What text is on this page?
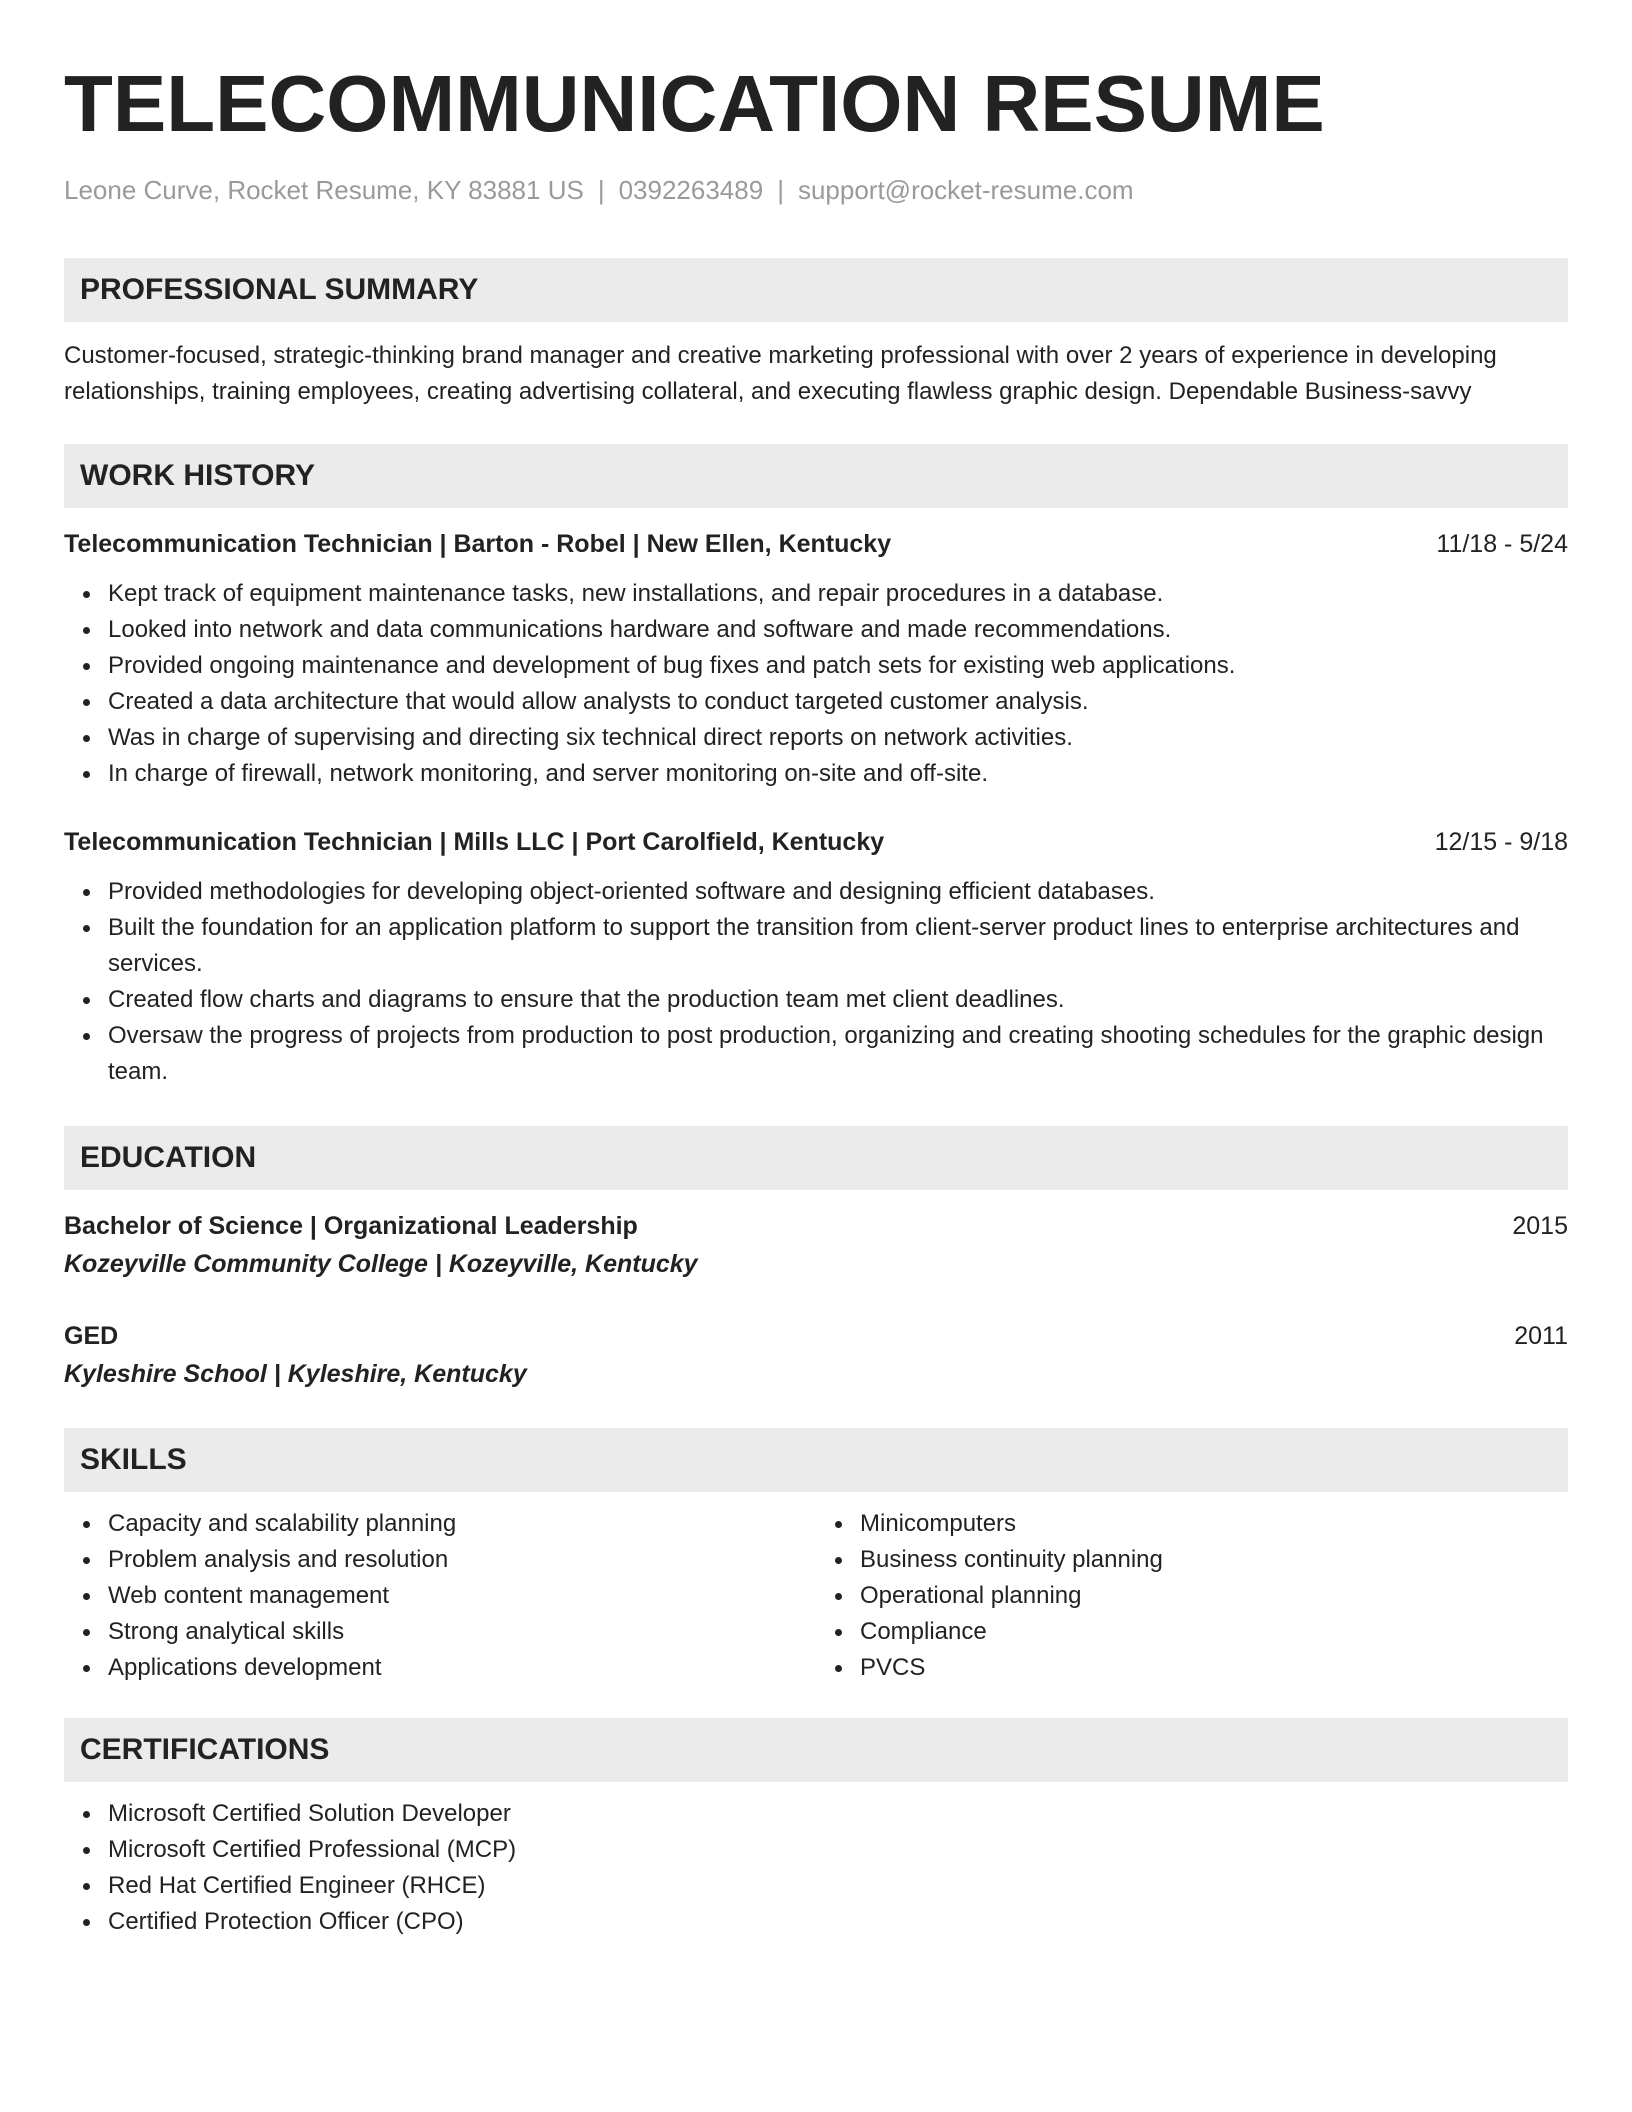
TELECOMMUNICATION RESUME
Leone Curve, Rocket Resume, KY 83881 US | 0392263489 | support@rocket-resume.com
PROFESSIONAL SUMMARY
Customer-focused, strategic-thinking brand manager and creative marketing professional with over 2 years of experience in developing relationships, training employees, creating advertising collateral, and executing flawless graphic design. Dependable Business-savvy
WORK HISTORY
Telecommunication Technician | Barton - Robel | New Ellen, Kentucky	11/18 - 5/24
Kept track of equipment maintenance tasks, new installations, and repair procedures in a database.
Looked into network and data communications hardware and software and made recommendations.
Provided ongoing maintenance and development of bug fixes and patch sets for existing web applications.
Created a data architecture that would allow analysts to conduct targeted customer analysis.
Was in charge of supervising and directing six technical direct reports on network activities.
In charge of firewall, network monitoring, and server monitoring on-site and off-site.
Telecommunication Technician | Mills LLC | Port Carolfield, Kentucky	12/15 - 9/18
Provided methodologies for developing object-oriented software and designing efficient databases.
Built the foundation for an application platform to support the transition from client-server product lines to enterprise architectures and services.
Created flow charts and diagrams to ensure that the production team met client deadlines.
Oversaw the progress of projects from production to post production, organizing and creating shooting schedules for the graphic design team.
EDUCATION
Bachelor of Science | Organizational Leadership	2015
Kozeyville Community College | Kozeyville, Kentucky
GED	2011
Kyleshire School | Kyleshire, Kentucky
SKILLS
Capacity and scalability planning
Problem analysis and resolution
Web content management
Strong analytical skills
Applications development
Minicomputers
Business continuity planning
Operational planning
Compliance
PVCS
CERTIFICATIONS
Microsoft Certified Solution Developer
Microsoft Certified Professional (MCP)
Red Hat Certified Engineer (RHCE)
Certified Protection Officer (CPO)
